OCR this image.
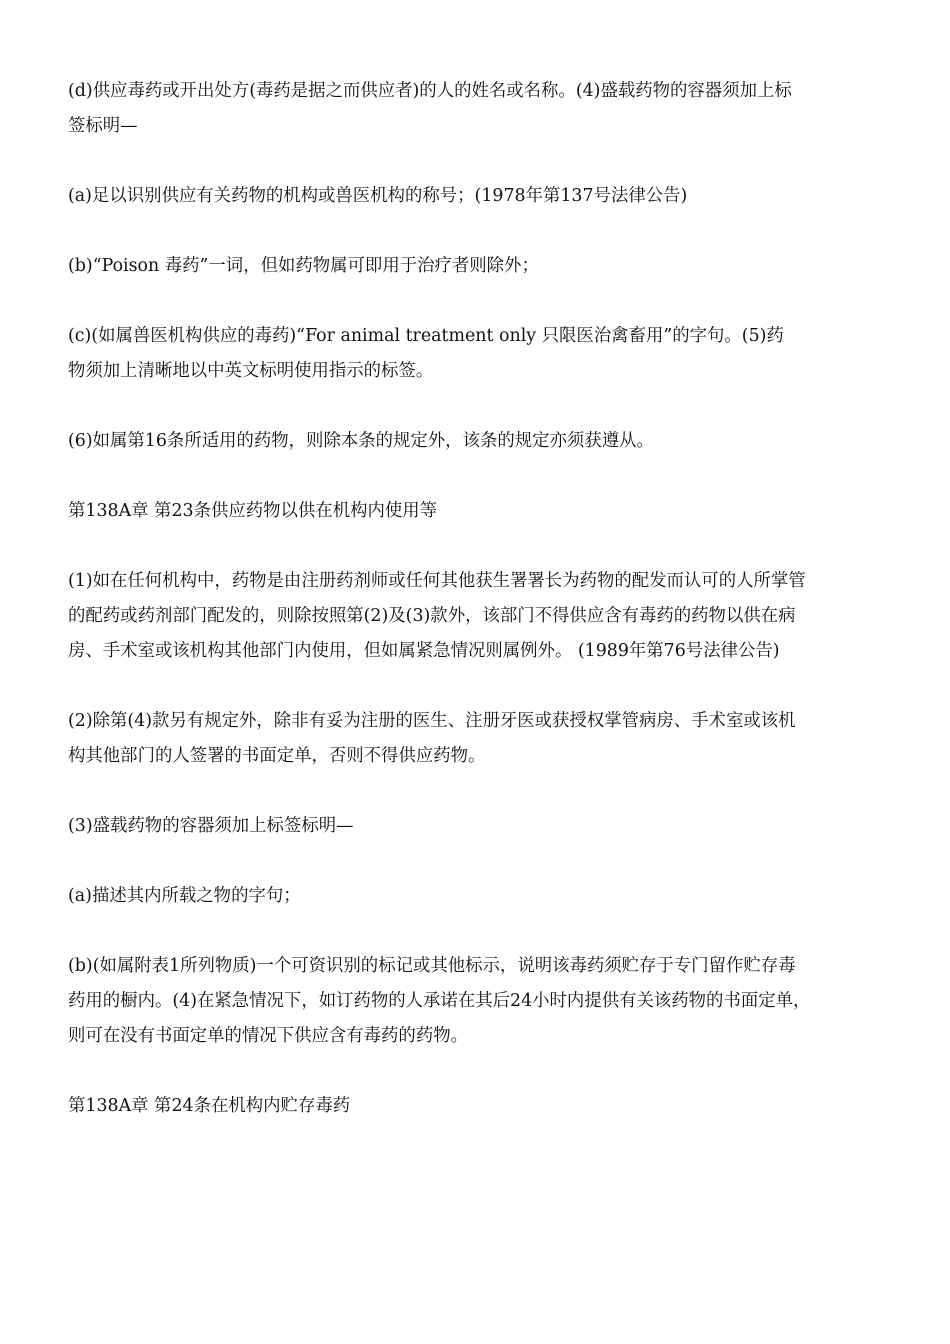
(d)供应毒药或开出处方(毒药是据之而供应者)的人的姓名或名称。(4)盛载药物的容器须加上标
签标明—

(a)足以识别供应有关药物的机构或兽医机构的称号；(1978年第137号法律公告)

(b)“Poison 毒药”一词，但如药物属可即用于治疗者则除外；

(c)(如属兽医机构供应的毒药)“For animal treatment only 只限医治禽畜用”的字句。(5)药
物须加上清晰地以中英文标明使用指示的标签。

(6)如属第16条所适用的药物，则除本条的规定外，该条的规定亦须获遵从。

第138A章 第23条供应药物以供在机构内使用等

(1)如在任何机构中，药物是由注册药剂师或任何其他获生署署长为药物的配发而认可的人所掌管
的配药或药剂部门配发的，则除按照第(2)及(3)款外，该部门不得供应含有毒药的药物以供在病
房、手术室或该机构其他部门内使用，但如属紧急情况则属例外。 (1989年第76号法律公告)

(2)除第(4)款另有规定外，除非有妥为注册的医生、注册牙医或获授权掌管病房、手术室或该机
构其他部门的人签署的书面定单，否则不得供应药物。

(3)盛载药物的容器须加上标签标明—

(a)描述其内所载之物的字句；

(b)(如属附表1所列物质)一个可资识别的标记或其他标示，说明该毒药须贮存于专门留作贮存毒
药用的橱内。(4)在紧急情况下，如订药物的人承诺在其后24小时内提供有关该药物的书面定单，
则可在没有书面定单的情况下供应含有毒药的药物。

第138A章 第24条在机构内贮存毒药
